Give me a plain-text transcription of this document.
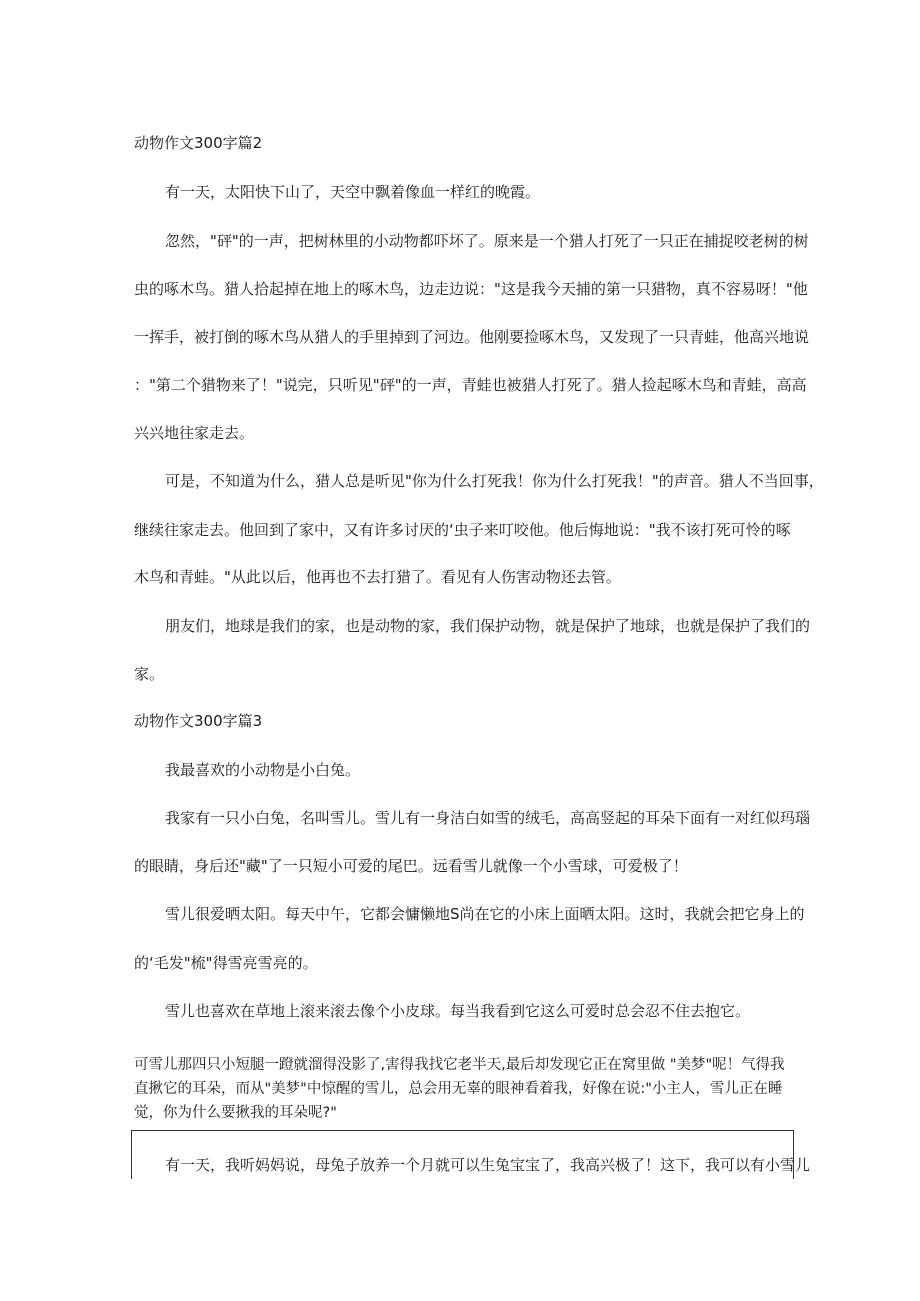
动物作文300字篇2
有一天，太阳快下山了，天空中飘着像血一样红的晚霞。
忽然，"砰"的一声，把树林里的小动物都吓坏了。原来是一个猎人打死了一只正在捕捉咬老树的树
虫的啄木鸟。猎人拾起掉在地上的啄木鸟，边走边说："这是我今天捕的第一只猎物，真不容易呀！"他
一挥手，被打倒的啄木鸟从猎人的手里掉到了河边。他刚要捡啄木鸟，又发现了一只青蛙，他高兴地说
："第二个猎物来了！"说完，只听见"砰"的一声，青蛙也被猎人打死了。猎人捡起啄木鸟和青蛙，高高
兴兴地往家走去。
可是，不知道为什么，猎人总是听见"你为什么打死我！你为什么打死我！"的声音。猎人不当回事，
继续往家走去。他回到了家中，又有许多讨厌的‘虫子来叮咬他。他后悔地说："我不该打死可怜的啄
木鸟和青蛙。"从此以后，他再也不去打猎了。看见有人伤害动物还去管。
朋友们，地球是我们的家，也是动物的家，我们保护动物，就是保护了地球，也就是保护了我们的
家。
动物作文300字篇3
我最喜欢的小动物是小白兔。
我家有一只小白兔，名叫雪儿。雪儿有一身洁白如雪的绒毛，高高竖起的耳朵下面有一对红似玛瑙
的眼睛，身后还"藏"了一只短小可爱的尾巴。远看雪儿就像一个小雪球，可爱极了！
雪儿很爱晒太阳。每天中午，它都会慵懒地S尚在它的小床上面晒太阳。这时，我就会把它身上的
的‘毛发"梳"得雪亮雪亮的。
雪儿也喜欢在草地上滚来滚去像个小皮球。每当我看到它这么可爱时总会忍不住去抱它。
可雪儿那四只小短腿一蹬就溜得没影了,害得我找它老半天,最后却发现它正在窝里做 "美梦"呢！气得我
直揪它的耳朵，而从"美梦"中惊醒的雪儿，总会用无辜的眼神看着我，好像在说:"小主人，雪儿正在睡
觉，你为什么要揪我的耳朵呢?"
有一天，我听妈妈说，母兔子放养一个月就可以生兔宝宝了，我高兴极了！这下，我可以有小雪儿
